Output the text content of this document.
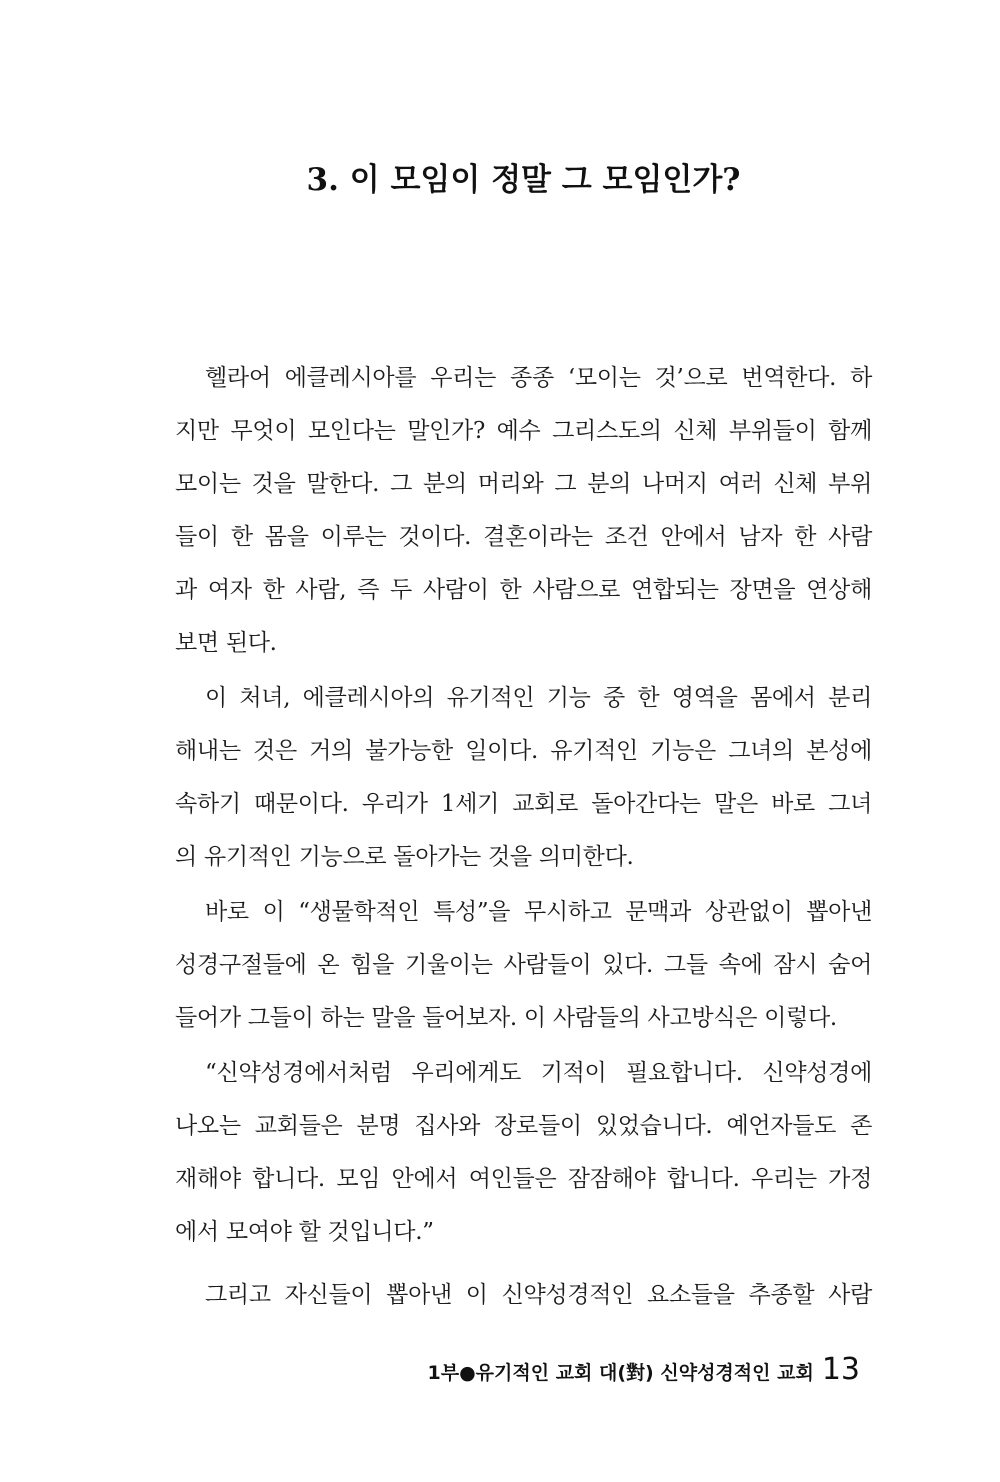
3. 이 모임이 정말 그 모임인가?
헬라어 에클레시아를 우리는 종종 ‘모이는 것’으로 번역한다. 하
지만 무엇이 모인다는 말인가? 예수 그리스도의 신체 부위들이 함께
모이는 것을 말한다. 그 분의 머리와 그 분의 나머지 여러 신체 부위
들이 한 몸을 이루는 것이다. 결혼이라는 조건 안에서 남자 한 사람
과 여자 한 사람, 즉 두 사람이 한 사람으로 연합되는 장면을 연상해
보면 된다.
이 처녀, 에클레시아의 유기적인 기능 중 한 영역을 몸에서 분리
해내는 것은 거의 불가능한 일이다. 유기적인 기능은 그녀의 본성에
속하기 때문이다. 우리가 1세기 교회로 돌아간다는 말은 바로 그녀
의 유기적인 기능으로 돌아가는 것을 의미한다.
바로 이 “생물학적인 특성”을 무시하고 문맥과 상관없이 뽑아낸
성경구절들에 온 힘을 기울이는 사람들이 있다. 그들 속에 잠시 숨어
들어가 그들이 하는 말을 들어보자. 이 사람들의 사고방식은 이렇다.
“신약성경에서처럼 우리에게도 기적이 필요합니다. 신약성경에
나오는 교회들은 분명 집사와 장로들이 있었습니다. 예언자들도 존
재해야 합니다. 모임 안에서 여인들은 잠잠해야 합니다. 우리는 가정
에서 모여야 할 것입니다.”
그리고 자신들이 뽑아낸 이 신약성경적인 요소들을 추종할 사람
1부●유기적인 교회 대(對) 신약성경적인 교회 13
